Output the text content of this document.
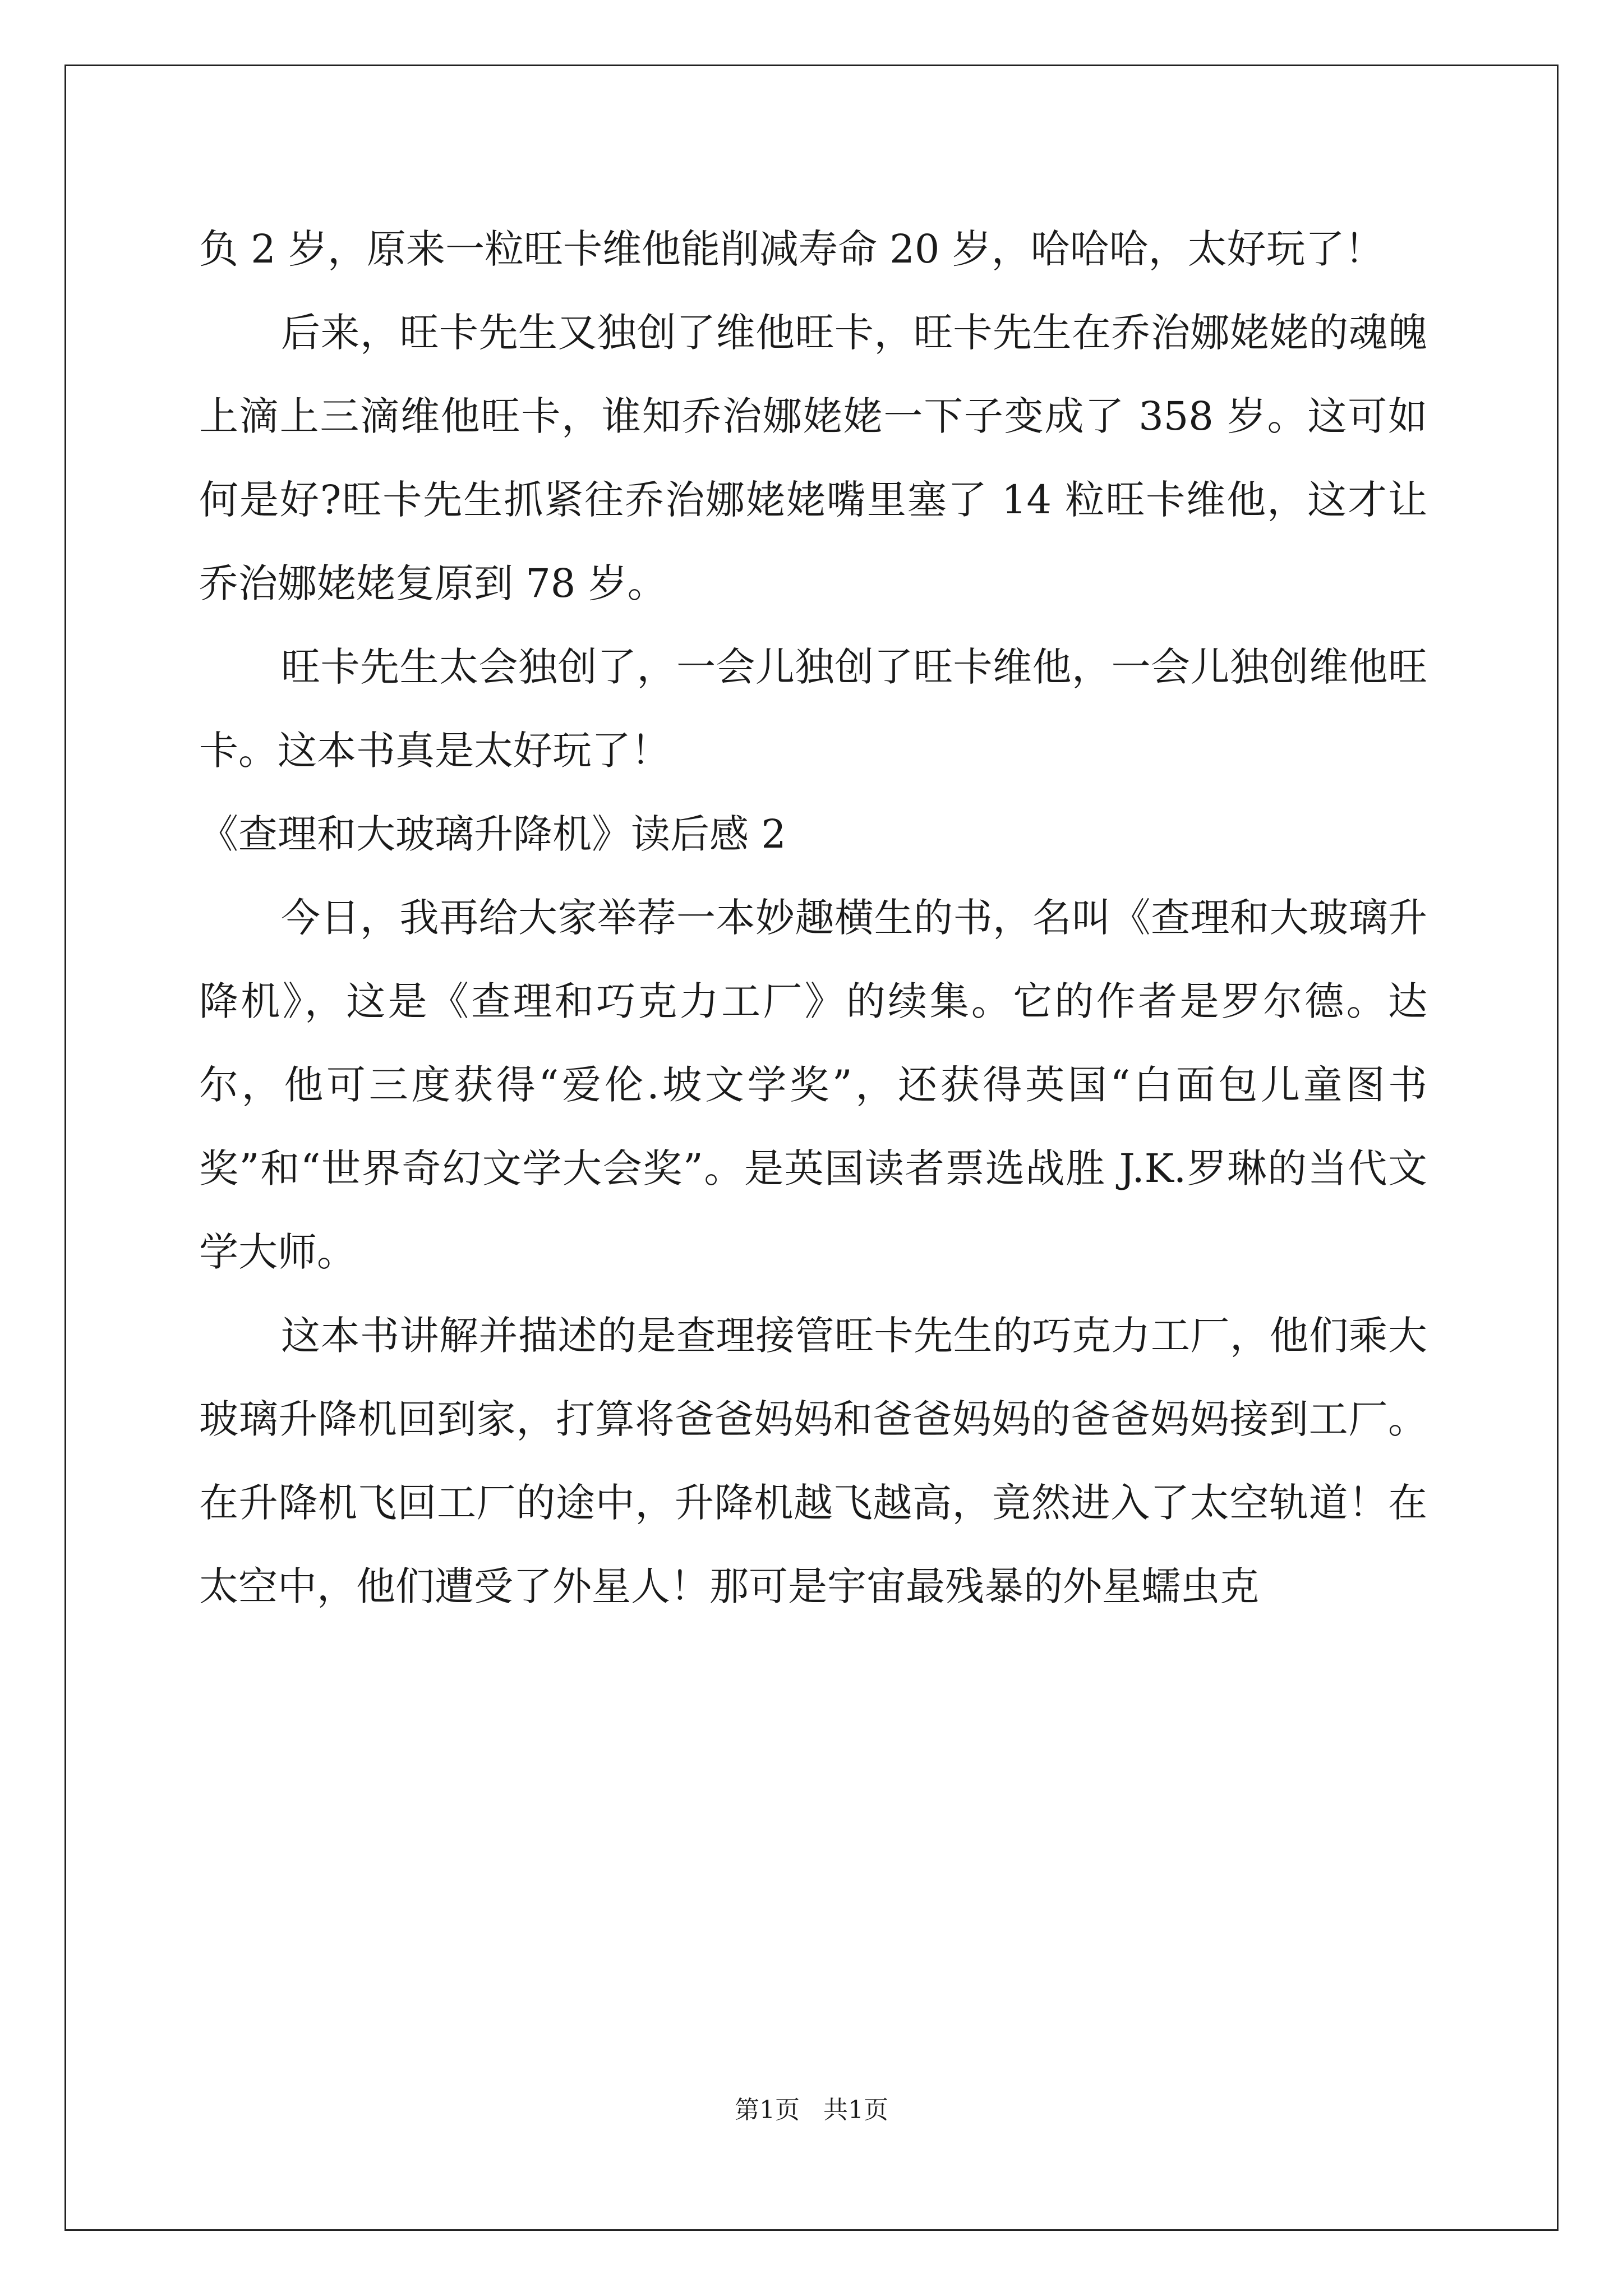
负 2 岁，原来一粒旺卡维他能削减寿命 20 岁，哈哈哈，太好玩了！

后来，旺卡先生又独创了维他旺卡，旺卡先生在乔治娜姥姥的魂魄上滴上三滴维他旺卡，谁知乔治娜姥姥一下子变成了 358 岁。这可如何是好?旺卡先生抓紧往乔治娜姥姥嘴里塞了 14 粒旺卡维他，这才让乔治娜姥姥复原到 78 岁。

旺卡先生太会独创了，一会儿独创了旺卡维他，一会儿独创维他旺卡。这本书真是太好玩了！

《查理和大玻璃升降机》读后感 2

今日，我再给大家举荐一本妙趣横生的书，名叫《查理和大玻璃升降机》，这是《查理和巧克力工厂》的续集。它的作者是罗尔德。达尔，他可三度获得“爱伦.坡文学奖”，还获得英国“白面包儿童图书奖”和“世界奇幻文学大会奖”。是英国读者票选战胜 J.K.罗琳的当代文学大师。

这本书讲解并描述的是查理接管旺卡先生的巧克力工厂，他们乘大玻璃升降机回到家，打算将爸爸妈妈和爸爸妈妈的爸爸妈妈接到工厂。在升降机飞回工厂的途中，升降机越飞越高，竟然进入了太空轨道！在太空中，他们遭受了外星人！那可是宇宙最残暴的外星蠕虫克

第1页   共1页
